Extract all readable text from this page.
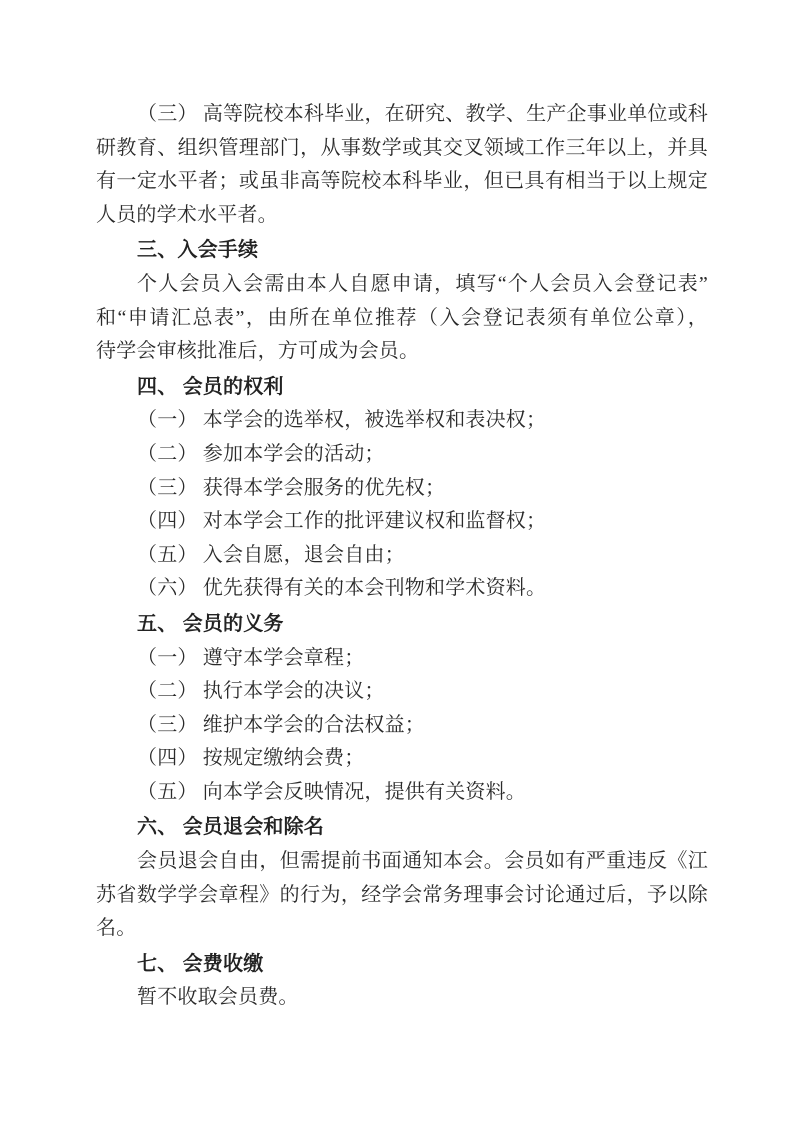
（三） 高等院校本科毕业，在研究、教学、生产企事业单位或科
研教育、组织管理部门，从事数学或其交叉领域工作三年以上，并具
有一定水平者；或虽非高等院校本科毕业，但已具有相当于以上规定
人员的学术水平者。
三、入会手续
个人会员入会需由本人自愿申请，填写“个人会员入会登记表”
和“申请汇总表”，由所在单位推荐（入会登记表须有单位公章），
待学会审核批准后，方可成为会员。
四、 会员的权利
（一） 本学会的选举权，被选举权和表决权；
（二） 参加本学会的活动；
（三） 获得本学会服务的优先权；
（四） 对本学会工作的批评建议权和监督权；
（五） 入会自愿，退会自由；
（六） 优先获得有关的本会刊物和学术资料。
五、 会员的义务
（一） 遵守本学会章程；
（二） 执行本学会的决议；
（三） 维护本学会的合法权益；
（四） 按规定缴纳会费；
（五） 向本学会反映情况，提供有关资料。
六、 会员退会和除名
会员退会自由，但需提前书面通知本会。会员如有严重违反《江
苏省数学学会章程》的行为，经学会常务理事会讨论通过后，予以除
名。
七、 会费收缴
暂不收取会员费。
